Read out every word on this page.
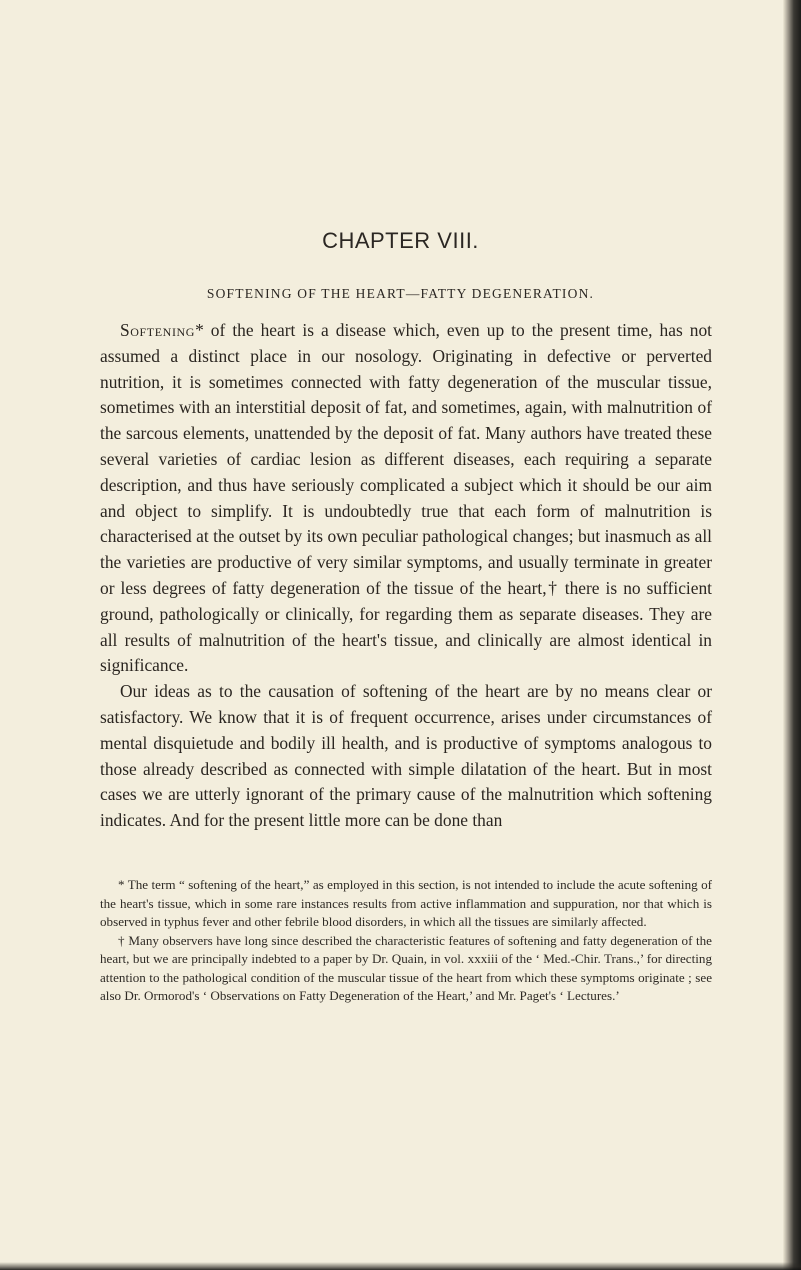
CHAPTER VIII.
SOFTENING OF THE HEART—FATTY DEGENERATION.

Softening* of the heart is a disease which, even up to the present time, has not assumed a distinct place in our nosology. Originating in defective or perverted nutrition, it is sometimes connected with fatty degeneration of the muscular tissue, sometimes with an interstitial deposit of fat, and sometimes, again, with malnutrition of the sarcous elements, unattended by the deposit of fat. Many authors have treated these several varieties of cardiac lesion as different diseases, each requiring a separate description, and thus have seriously complicated a subject which it should be our aim and object to simplify. It is undoubtedly true that each form of malnutrition is characterised at the outset by its own peculiar pathological changes; but inasmuch as all the varieties are productive of very similar symptoms, and usually terminate in greater or less degrees of fatty degeneration of the tissue of the heart,† there is no sufficient ground, pathologically or clinically, for regarding them as separate diseases. They are all results of malnutrition of the heart's tissue, and clinically are almost identical in significance.

Our ideas as to the causation of softening of the heart are by no means clear or satisfactory. We know that it is of frequent occurrence, arises under circumstances of mental disquietude and bodily ill health, and is productive of symptoms analogous to those already described as connected with simple dilatation of the heart. But in most cases we are utterly ignorant of the primary cause of the malnutrition which softening indicates. And for the present little more can be done than

* The term “ softening of the heart,” as employed in this section, is not intended to include the acute softening of the heart's tissue, which in some rare instances results from active inflammation and suppuration, nor that which is observed in typhus fever and other febrile blood disorders, in which all the tissues are similarly affected.

† Many observers have long since described the characteristic features of softening and fatty degeneration of the heart, but we are principally indebted to a paper by Dr. Quain, in vol. xxxiii of the ‘ Med.-Chir. Trans.,’ for directing attention to the pathological condition of the muscular tissue of the heart from which these symptoms originate ; see also Dr. Ormorod's ‘ Observations on Fatty Degeneration of the Heart,’ and Mr. Paget's ‘ Lectures.’
